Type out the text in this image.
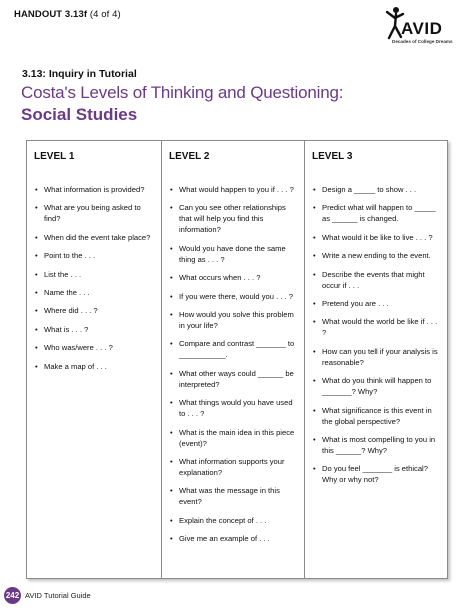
HANDOUT 3.13f (4 of 4)
AVID
Decades of College Dreams
3.13: Inquiry in Tutorial
Costa's Levels of Thinking and Questioning:
Social Studies
LEVEL 1
• What information is provided?
• What are you being asked to find?
• When did the event take place?
• Point to the . . .
• List the . . .
• Name the . . .
• Where did . . . ?
• What is . . . ?
• Who was/were . . . ?
• Make a map of . . .
LEVEL 2
• What would happen to you if . . . ?
• Can you see other relationships that will help you find this information?
• Would you have done the same thing as . . . ?
• What occurs when . . . ?
• If you were there, would you . . . ?
• How would you solve this problem in your life?
• Compare and contrast _______ to ___________.
• What other ways could ______ be interpreted?
• What things would you have used to . . . ?
• What is the main idea in this piece (event)?
• What information supports your explanation?
• What was the message in this event?
• Explain the concept of . . .
• Give me an example of . . .
LEVEL 3
• Design a _____ to show . . .
• Predict what will happen to _____ as ______ is changed.
• What would it be like to live . . . ?
• Write a new ending to the event.
• Describe the events that might occur if . . .
• Pretend you are . . .
• What would the world be like if . . . ?
• How can you tell if your analysis is reasonable?
• What do you think will happen to _______? Why?
• What significance is this event in the global perspective?
• What is most compelling to you in this ______? Why?
• Do you feel _______ is ethical? Why or why not?
242 AVID Tutorial Guide
